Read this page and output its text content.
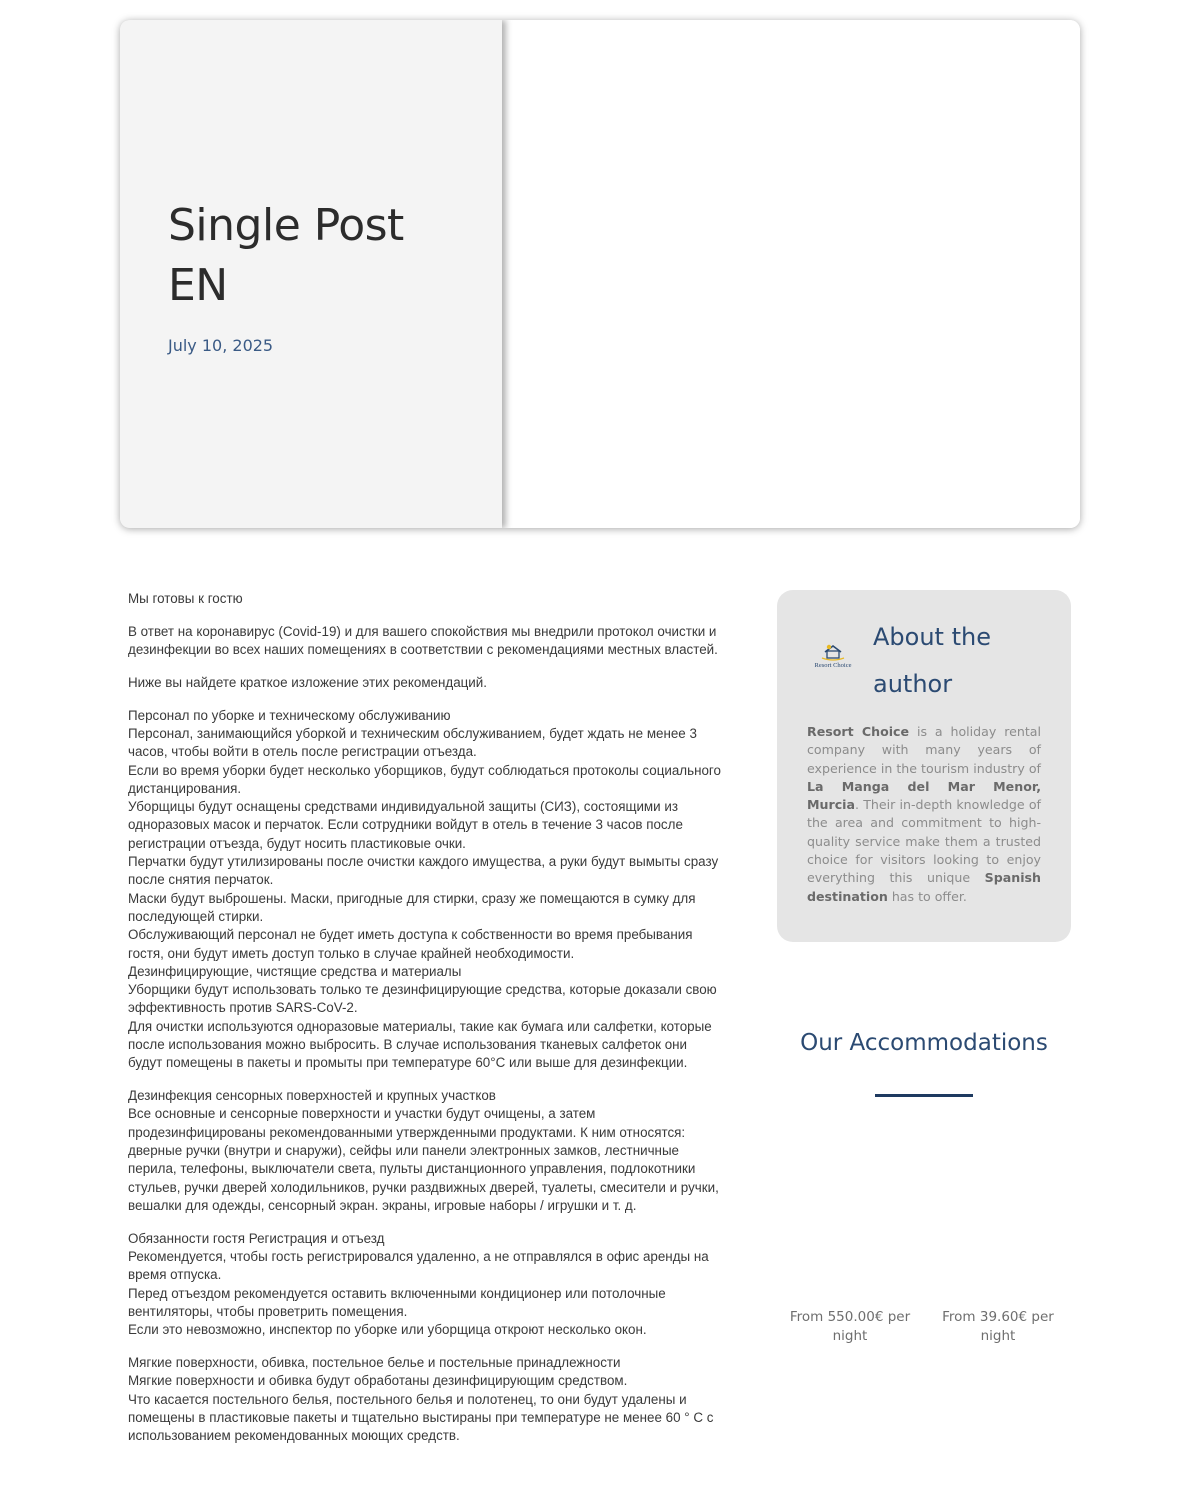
Single Post EN
July 10, 2025

Мы готовы к гостю

В ответ на коронавирус (Covid-19) и для вашего спокойствия мы внедрили протокол очистки и дезинфекции во всех наших помещениях в соответствии с рекомендациями местных властей.

Ниже вы найдете краткое изложение этих рекомендаций.

Персонал по уборке и техническому обслуживанию
Персонал, занимающийся уборкой и техническим обслуживанием, будет ждать не менее 3 часов, чтобы войти в отель после регистрации отъезда.
Если во время уборки будет несколько уборщиков, будут соблюдаться протоколы социального дистанцирования.
Уборщицы будут оснащены средствами индивидуальной защиты (СИЗ), состоящими из одноразовых масок и перчаток. Если сотрудники войдут в отель в течение 3 часов после регистрации отъезда, будут носить пластиковые очки.
Перчатки будут утилизированы после очистки каждого имущества, а руки будут вымыты сразу после снятия перчаток.
Маски будут выброшены. Маски, пригодные для стирки, сразу же помещаются в сумку для последующей стирки.
Обслуживающий персонал не будет иметь доступа к собственности во время пребывания гостя, они будут иметь доступ только в случае крайней необходимости.
Дезинфицирующие, чистящие средства и материалы
Уборщики будут использовать только те дезинфицирующие средства, которые доказали свою эффективность против SARS-CoV-2.
Для очистки используются одноразовые материалы, такие как бумага или салфетки, которые после использования можно выбросить. В случае использования тканевых салфеток они будут помещены в пакеты и промыты при температуре 60°C или выше для дезинфекции.

Дезинфекция сенсорных поверхностей и крупных участков
Все основные и сенсорные поверхности и участки будут очищены, а затем продезинфицированы рекомендованными утвержденными продуктами. К ним относятся: дверные ручки (внутри и снаружи), сейфы или панели электронных замков, лестничные перила, телефоны, выключатели света, пульты дистанционного управления, подлокотники стульев, ручки дверей холодильников, ручки раздвижных дверей, туалеты, смесители и ручки, вешалки для одежды, сенсорный экран. экраны, игровые наборы / игрушки и т. д.

Обязанности гостя Регистрация и отъезд
Рекомендуется, чтобы гость регистрировался удаленно, а не отправлялся в офис аренды на время отпуска.
Перед отъездом рекомендуется оставить включенными кондиционер или потолочные вентиляторы, чтобы проветрить помещения.
Если это невозможно, инспектор по уборке или уборщица откроют несколько окон.

Мягкие поверхности, обивка, постельное белье и постельные принадлежности
Мягкие поверхности и обивка будут обработаны дезинфицирующим средством.
Что касается постельного белья, постельного белья и полотенец, то они будут удалены и помещены в пластиковые пакеты и тщательно выстираны при температуре не менее 60 ° C с использованием рекомендованных моющих средств.

Resort Choice
About the author

Resort Choice is a holiday rental company with many years of experience in the tourism industry of La Manga del Mar Menor, Murcia. Their in-depth knowledge of the area and commitment to high-quality service make them a trusted choice for visitors looking to enjoy everything this unique Spanish destination has to offer.

Our Accommodations
From 550.00€ per night
From 39.60€ per night
